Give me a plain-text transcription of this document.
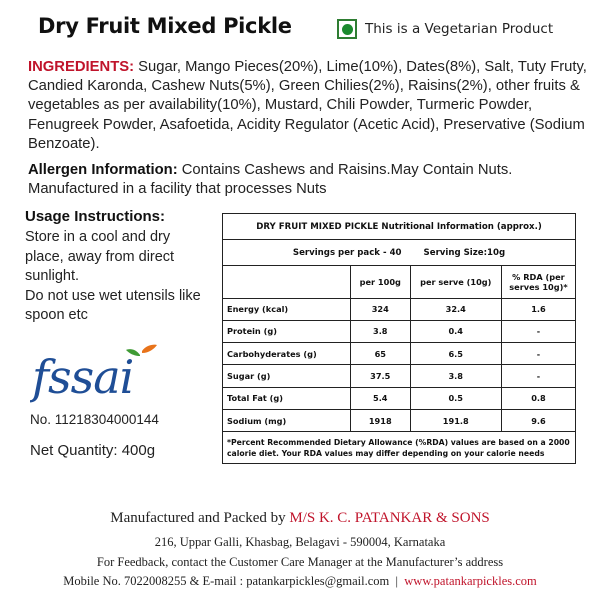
Dry Fruit Mixed Pickle	This is a Vegetarian Product
INGREDIENTS: Sugar, Mango Pieces(20%), Lime(10%), Dates(8%), Salt, Tuty Fruty, Candied Karonda, Cashew Nuts(5%), Green Chilies(2%), Raisins(2%), other fruits & vegetables as per availability(10%), Mustard, Chili Powder, Turmeric Powder, Fenugreek Powder, Asafoetida, Acidity Regulator (Acetic Acid), Preservative (Sodium Benzoate).
Allergen Information: Contains Cashews and Raisins.May Contain Nuts. Manufactured in a facility that processes Nuts
Usage Instructions:

Store in a cool and dry place, away from direct sunlight.

Do not use wet utensils like spoon etc

fssai
No. 11218304000144
Net Quantity: 400g
DRY FRUIT MIXED PICKLE Nutritional Information (approx.)
Servings per pack - 40	Serving Size:10g
	per 100g	per serve (10g)	% RDA (per serves 10g)*
Energy (kcal)	324	32.4	1.6
Protein (g)	3.8	0.4	-
Carbohyderates (g)	65	6.5	-
Sugar (g)	37.5	3.8	-
Total Fat (g)	5.4	0.5	0.8
Sodium (mg)	1918	191.8	9.6
*Percent Recommended Dietary Allowance (%RDA) values are based on a 2000 calorie diet. Your RDA values may differ depending on your calorie needs
Manufactured and Packed by M/S K. C. PATANKAR & SONS
216, Uppar Galli, Khasbag, Belagavi - 590004, Karnataka
For Feedback, contact the Customer Care Manager at the Manufacturer’s address
Mobile No. 7022008255 & E-mail : patankarpickles@gmail.com  |  www.patankarpickles.com
